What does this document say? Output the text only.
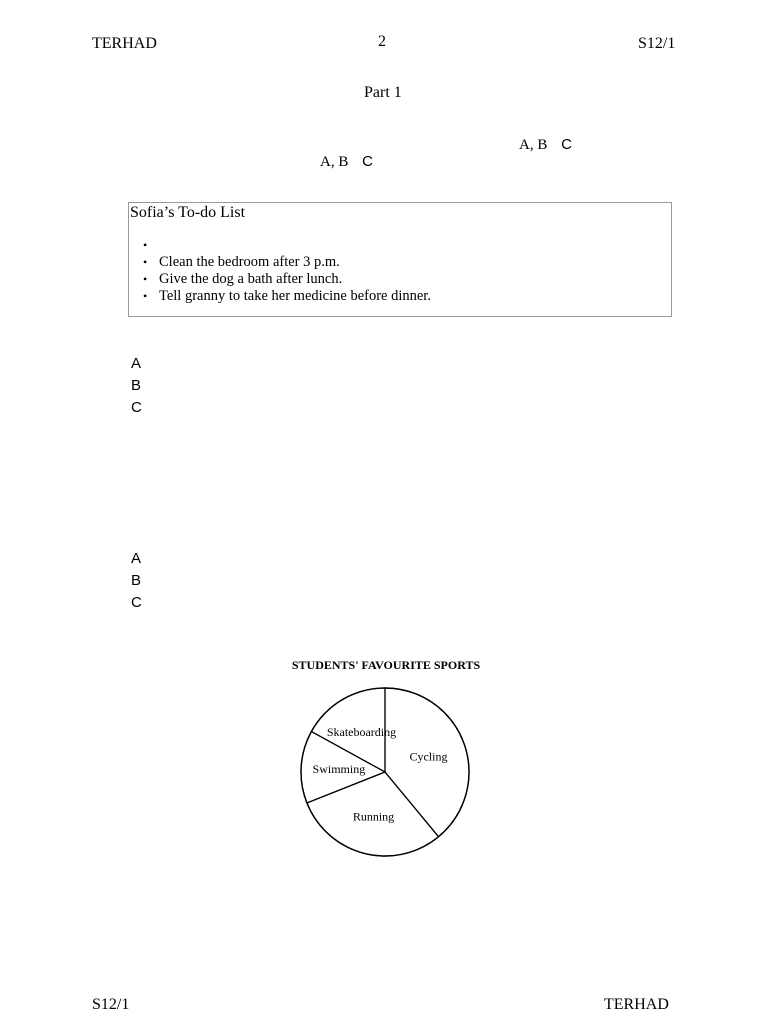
TERHAD	2	S12/1
Part 1
A, B C
A, B C
Sofia’s To-do List
•
• Clean the bedroom after 3 p.m.
• Give the dog a bath after lunch.
• Tell granny to take her medicine before dinner.
A
B
C
A
B
C
STUDENTS' FAVOURITE SPORTS
Cycling
Running
Swimming
Skateboarding
S12/1	TERHAD
